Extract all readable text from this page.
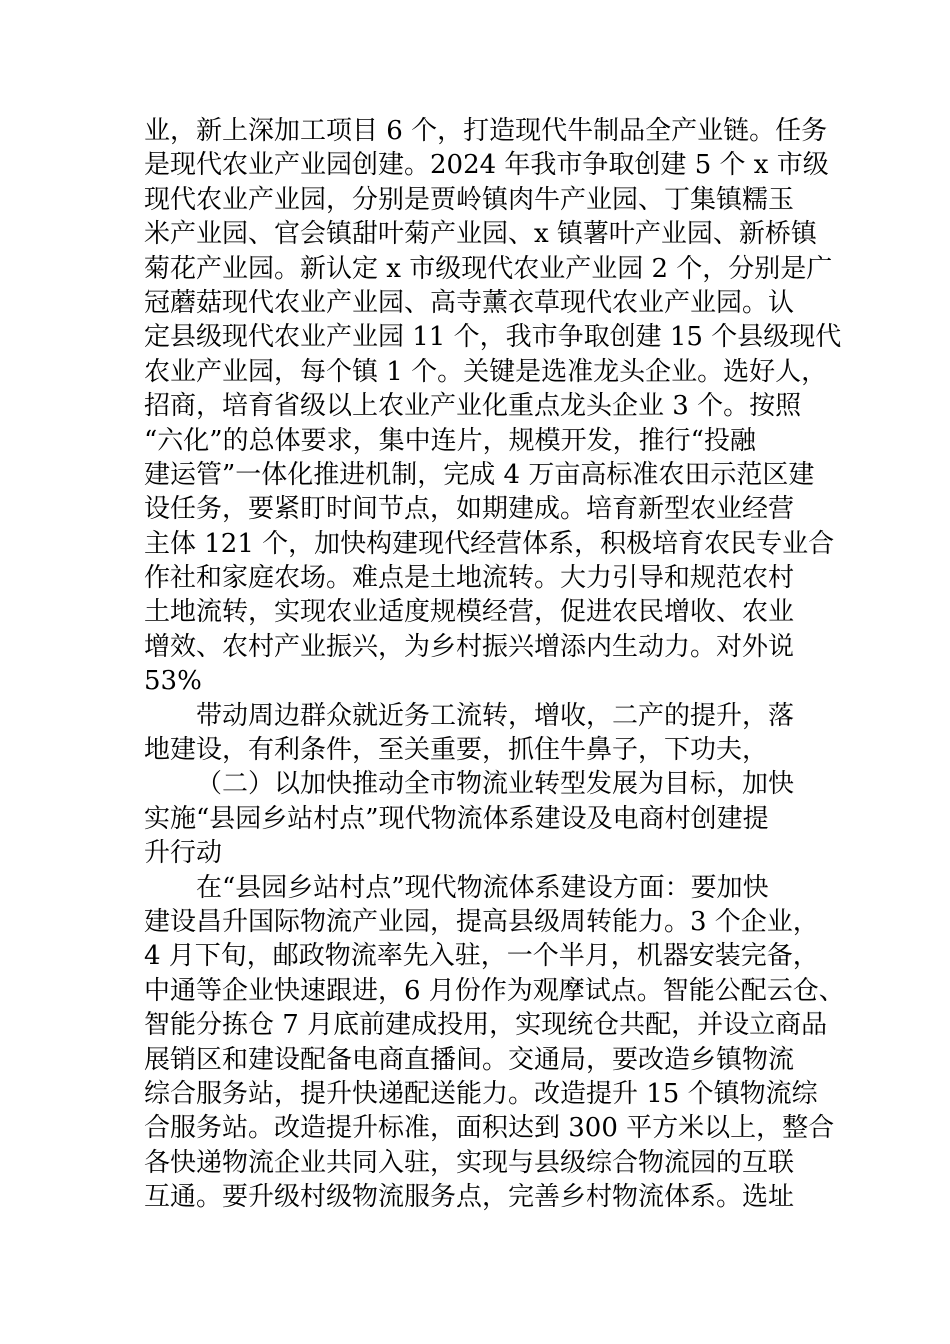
业，新上深加工项目 6 个，打造现代牛制品全产业链。任务
是现代农业产业园创建。2024 年我市争取创建 5 个 x 市级
现代农业产业园，分别是贾岭镇肉牛产业园、丁集镇糯玉
米产业园、官会镇甜叶菊产业园、x 镇薯叶产业园、新桥镇
菊花产业园。新认定 x 市级现代农业产业园 2 个，分别是广
冠蘑菇现代农业产业园、高寺薰衣草现代农业产业园。认
定县级现代农业产业园 11 个，我市争取创建 15 个县级现代
农业产业园，每个镇 1 个。关键是选准龙头企业。选好人，
招商，培育省级以上农业产业化重点龙头企业 3 个。按照
“六化”的总体要求，集中连片，规模开发，推行“投融
建运管”一体化推进机制，完成 4 万亩高标准农田示范区建
设任务，要紧盯时间节点，如期建成。培育新型农业经营
主体 121 个，加快构建现代经营体系，积极培育农民专业合
作社和家庭农场。难点是土地流转。大力引导和规范农村
土地流转，实现农业适度规模经营，促进农民增收、农业
增效、农村产业振兴，为乡村振兴增添内生动力。对外说
53%
带动周边群众就近务工流转，增收，二产的提升，落
地建设，有利条件，至关重要，抓住牛鼻子，下功夫，
（二）以加快推动全市物流业转型发展为目标，加快
实施“县园乡站村点”现代物流体系建设及电商村创建提
升行动
在“县园乡站村点”现代物流体系建设方面：要加快
建设昌升国际物流产业园，提高县级周转能力。3 个企业，
4 月下旬，邮政物流率先入驻，一个半月，机器安装完备，
中通等企业快速跟进，6 月份作为观摩试点。智能公配云仓、
智能分拣仓 7 月底前建成投用，实现统仓共配，并设立商品
展销区和建设配备电商直播间。交通局，要改造乡镇物流
综合服务站，提升快递配送能力。改造提升 15 个镇物流综
合服务站。改造提升标准，面积达到 300 平方米以上，整合
各快递物流企业共同入驻，实现与县级综合物流园的互联
互通。要升级村级物流服务点，完善乡村物流体系。选址
